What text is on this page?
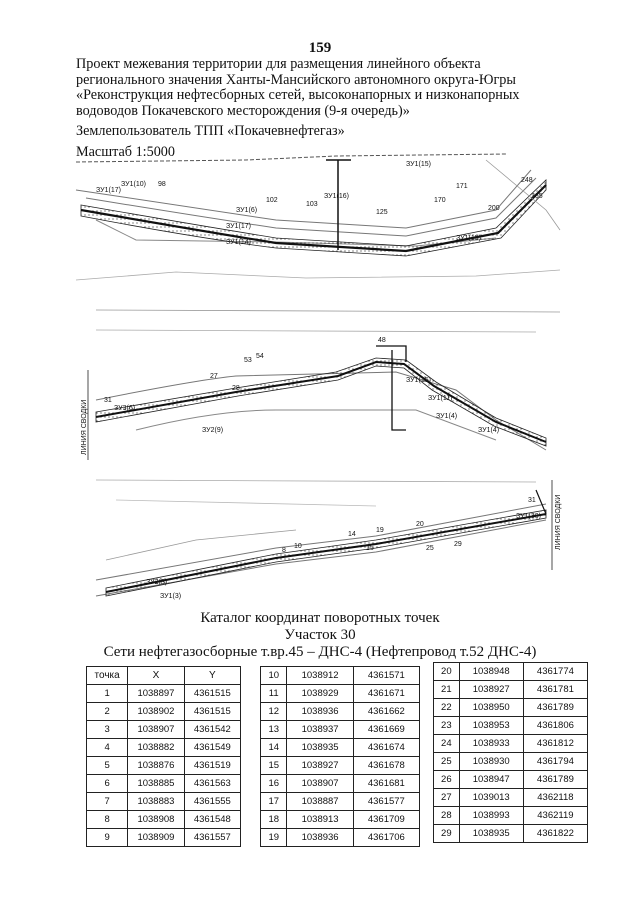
159
Проект межевания территории для размещения линейного объекта
регионального значения Ханты-Мансийского автономного округа-Югры
«Реконструкция нефтесборных сетей, высоконапорных и низконапорных
водоводов Покачевского месторождения (9-я очередь)»
Землепользователь ТПП «Покачевнефтегаз»
Масштаб 1:5000
ЗУ1(17)
ЗУ1(10) 98
ЗУ1(6)
ЗУ1(16)
102
103
ЗУ1(15)
125
171
170
248
265
200
ЗУ1(17)
ЗУ1(14)
ЗУ1(15)
48
53
54
27
28
31
ЗУ3(6)
ЗУ1(15)
ЗУ1(11)
ЗУ1(4)
ЗУ2(9)
ЗУ1(4)
ЛИНИЯ СВОДКИ
31
ЗУ1(30)
20
19
14
8
10	15	25
29
ЗУ2(3)
ЗУ1(3)
ЛИНИЯ СВОДКИ
Каталог координат поворотных точек
Участок 30
Сети нефтегазосборные т.вр.45 – ДНС-4 (Нефтепровод т.52 ДНС-4)
точка	X	Y
1	1038897	4361515
2	1038902	4361515
3	1038907	4361542
4	1038882	4361549
5	1038876	4361519
6	1038885	4361563
7	1038883	4361555
8	1038908	4361548
9	1038909	4361557
10	1038912	4361571
11	1038929	4361671
12	1038936	4361662
13	1038937	4361669
14	1038935	4361674
15	1038927	4361678
16	1038907	4361681
17	1038887	4361577
18	1038913	4361709
19	1038936	4361706
20	1038948	4361774
21	1038927	4361781
22	1038950	4361789
23	1038953	4361806
24	1038933	4361812
25	1038930	4361794
26	1038947	4361789
27	1039013	4362118
28	1038993	4362119
29	1038935	4361822
